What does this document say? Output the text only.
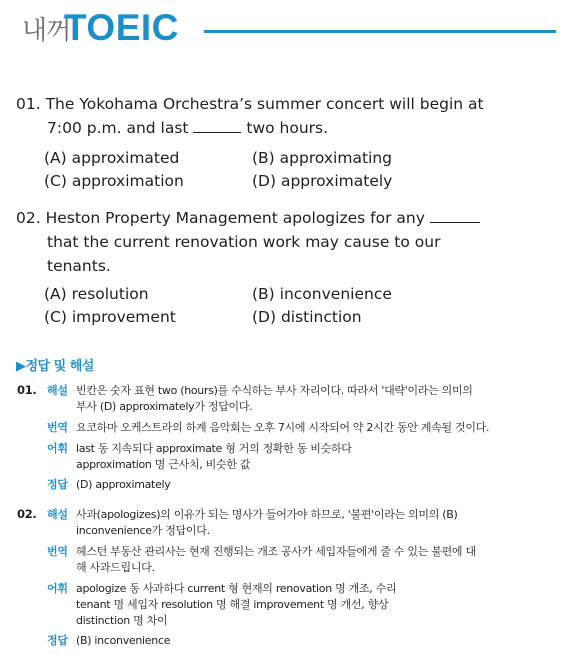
내꺼
TOEIC
01. The Yokohama Orchestra’s summer concert will begin at
7:00 p.m. and last	two hours.
(A) approximated	(B) approximating
(C) approximation	(D) approximately
02. Heston Property Management apologizes for any
that the current renovation work may cause to our
tenants.
(A) resolution	(B) inconvenience
(C) improvement	(D) distinction
▶정답 및 해설
01. 해설 빈칸은 숫자 표현 two (hours)를 수식하는 부사 자리이다. 따라서 '대략'이라는 의미의
부사 (D) approximately가 정답이다.
번역 요코하마 오케스트라의 하계 음악회는 오후 7시에 시작되어 약 2시간 동안 계속될 것이다.
어휘 last 동 지속되다 approximate 형 거의 정확한 동 비슷하다
approximation 명 근사치, 비슷한 값
정답 (D) approximately
02. 해설 사과(apologizes)의 이유가 되는 명사가 들어가야 하므로, '불편'이라는 의미의 (B)
inconvenience가 정답이다.
번역 헤스턴 부동산 관리사는 현재 진행되는 개조 공사가 세입자들에게 줄 수 있는 불편에 대
해 사과드립니다.
어휘 apologize 동 사과하다 current 형 현재의 renovation 명 개조, 수리
tenant 명 세입자 resolution 명 해결 improvement 명 개선, 향상
distinction 명 차이
정답 (B) inconvenience
